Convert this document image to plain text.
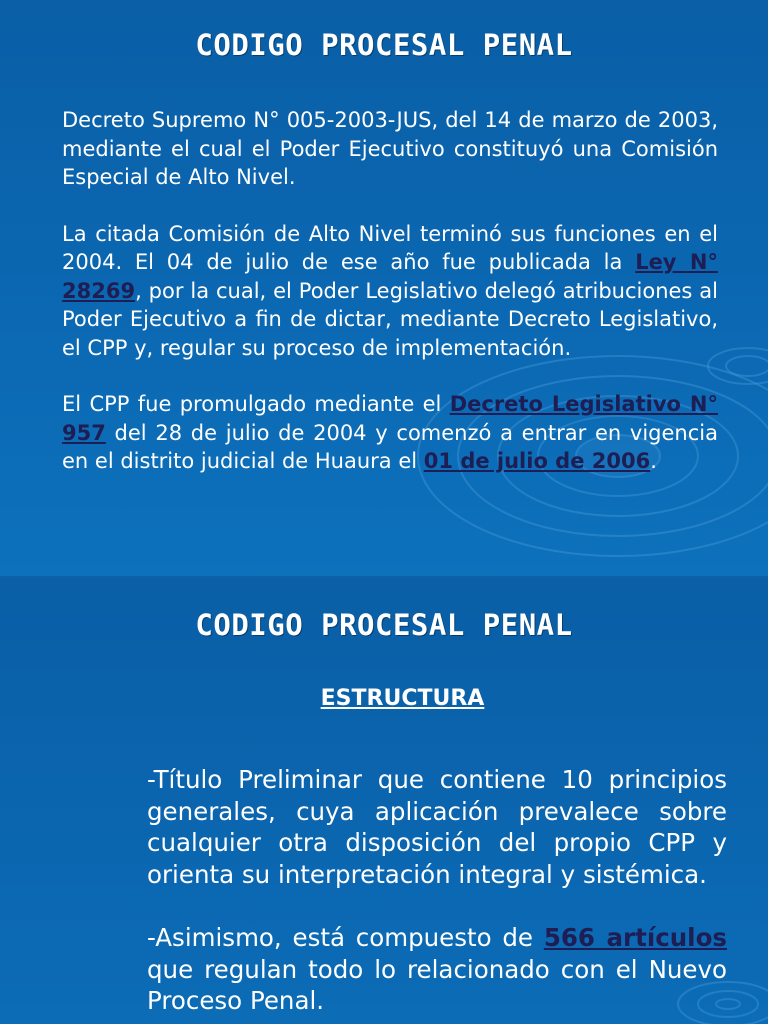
CODIGO PROCESAL PENAL

Decreto Supremo N° 005-2003-JUS, del 14 de marzo de 2003, mediante el cual el Poder Ejecutivo constituyó una Comisión Especial de Alto Nivel.

La citada Comisión de Alto Nivel terminó sus funciones en el 2004. El 04 de julio de ese año fue publicada la Ley N° 28269, por la cual, el Poder Legislativo delegó atribuciones al Poder Ejecutivo a fin de dictar, mediante Decreto Legislativo, el CPP y, regular su proceso de implementación.

El CPP fue promulgado mediante el Decreto Legislativo N° 957 del 28 de julio de 2004 y comenzó a entrar en vigencia en el distrito judicial de Huaura el 01 de julio de 2006.

CODIGO PROCESAL PENAL
ESTRUCTURA

-Título Preliminar que contiene 10 principios generales, cuya aplicación prevalece sobre cualquier otra disposición del propio CPP y orienta su interpretación integral y sistémica.

-Asimismo, está compuesto de 566 artículos que regulan todo lo relacionado con el Nuevo Proceso Penal.
